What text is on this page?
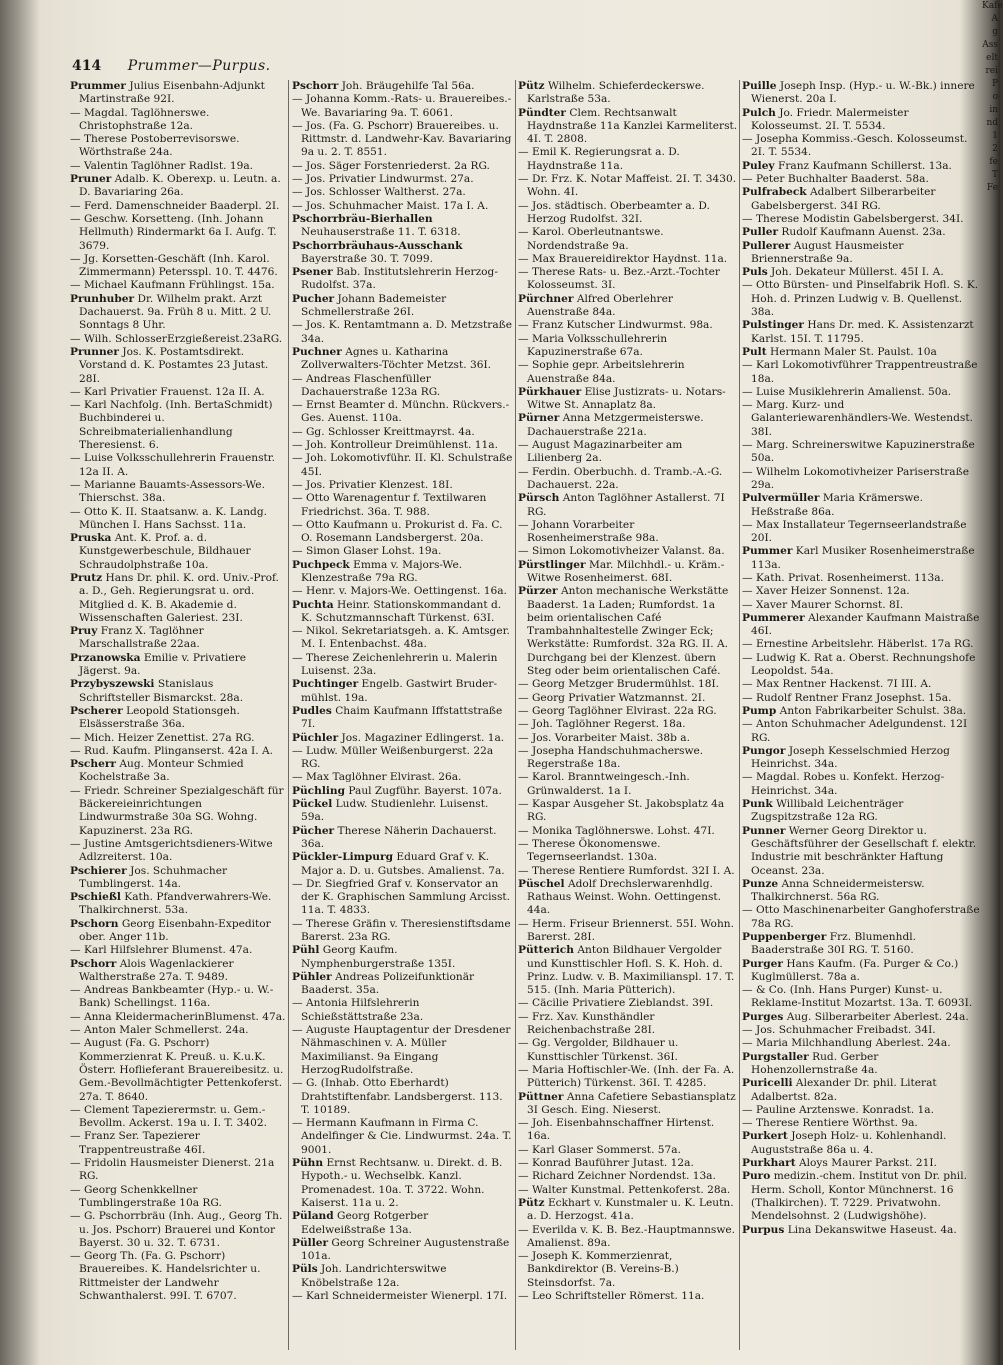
414 Prummer—Purpus.

Prummer Julius Eisenbahn-Adjunkt Martinstraße 92I.

— Magdal. Taglöhnerswe. Christophstraße 12a.

— Therese Postoberrevisorswe. Wörthstraße 24a.

— Valentin Taglöhner Radlst. 19a.

Pruner Adalb. K. Oberexp. u. Leutn. a. D. Bavariaring 26a.

— Ferd. Damenschneider Baaderpl. 2I.

— Geschw. Korsetteng. (Inh. Johann Hellmuth) Rindermarkt 6a I. Aufg. T. 3679.

— Jg. Korsetten-Geschäft (Inh. Karol. Zimmermann) Petersspl. 10. T. 4476.

— Michael Kaufmann Frühlingst. 15a.

Prunhuber Dr. Wilhelm prakt. Arzt Dachauerst. 9a. Früh 8 u. Mitt. 2 U. Sonntags 8 Uhr.

— Wilh. SchlosserErzgießereist.23aRG.

Prunner Jos. K. Postamtsdirekt. Vorstand d. K. Postamtes 23 Jutast. 28I.

— Karl Privatier Frauenst. 12a II. A.

— Karl Nachfolg. (Inh. BertaSchmidt) Buchbinderei u. Schreibmaterialienhandlung Theresienst. 6.

— Luise Volksschullehrerin Frauenstr. 12a II. A.

— Marianne Bauamts-Assessors-We. Thierschst. 38a.

— Otto K. II. Staatsanw. a. K. Landg. München I. Hans Sachsst. 11a.

Pruska Ant. K. Prof. a. d. Kunstgewerbeschule, Bildhauer Schraudolphstraße 10a.

Prutz Hans Dr. phil. K. ord. Univ.-Prof. a. D., Geh. Regierungsrat u. ord. Mitglied d. K. B. Akademie d. Wissenschaften Galeriest. 23I.

Pruy Franz X. Taglöhner Marschallstraße 22aa.

Przanowska Emilie v. Privatiere Jägerst. 9a.

Przybyszewski Stanislaus Schriftsteller Bismarckst. 28a.

Pscherer Leopold Stationsgeh. Elsässerstraße 36a.

— Mich. Heizer Zenettist. 27a RG.

— Rud. Kaufm. Plinganserst. 42a I. A.

Pscherr Aug. Monteur Schmied Kochelstraße 3a.

— Friedr. Schreiner Spezialgeschäft für Bäckereieinrichtungen Lindwurmstraße 30a SG. Wohng. Kapuzinerst. 23a RG.

— Justine Amtsgerichtsdieners-Witwe Adlzreiterst. 10a.

Pschierer Jos. Schuhmacher Tumblingerst. 14a.

Pschießl Kath. Pfandverwahrers-We. Thalkirchnerst. 53a.

Pschorn Georg Eisenbahn-Expeditor ober. Anger 11b.

— Karl Hilfslehrer Blumenst. 47a.

Pschorr Alois Wagenlackierer Waltherstraße 27a. T. 9489.

— Andreas Bankbeamter (Hyp.- u. W.-Bank) Schellingst. 116a.

— Anna KleidermacherinBlumenst. 47a.

— Anton Maler Schmellerst. 24a.

— August (Fa. G. Pschorr) Kommerzienrat K. Preuß. u. K.u.K. Österr. Hoflieferant Brauereibesitz. u. Gem.-Bevollmächtigter Pettenkoferst. 27a. T. 8640.

— Clement Tapezierermstr. u. Gem.-Bevollm. Ackerst. 19a u. I. T. 3402.

— Franz Ser. Tapezierer Trappentreustraße 46I.

— Fridolin Hausmeister Dienerst. 21a RG.

— Georg Schenkkellner Tumblingerstraße 10a RG.

— G. Pschorrbräu (Inh. Aug., Georg Th. u. Jos. Pschorr) Brauerei und Kontor Bayerst. 30 u. 32. T. 6731.

— Georg Th. (Fa. G. Pschorr) Brauereibes. K. Handelsrichter u. Rittmeister der Landwehr Schwanthalerst. 99I. T. 6707.

Pschorr Joh. Bräugehilfe Tal 56a.

— Johanna Komm.-Rats- u. Brauereibes.-We. Bavariaring 9a. T. 6061.

— Jos. (Fa. G. Pschorr) Brauereibes. u. Rittmstr. d. Landwehr-Kav. Bavariaring 9a u. 2. T. 8551.

— Jos. Säger Forstenriederst. 2a RG.

— Jos. Privatier Lindwurmst. 27a.

— Jos. Schlosser Waltherst. 27a.

— Jos. Schuhmacher Maist. 17a I. A.

Pschorrbräu-Bierhallen Neuhauserstraße 11. T. 6318.

Pschorrbräuhaus-Ausschank Bayerstraße 30. T. 7099.

Psener Bab. Institutslehrerin Herzog-Rudolfst. 37a.

Pucher Johann Bademeister Schmellerstraße 26I.

— Jos. K. Rentamtmann a. D. Metzstraße 34a.

Puchner Agnes u. Katharina Zollverwalters-Töchter Metzst. 36I.

— Andreas Flaschenfüller Dachauerstraße 123a RG.

— Ernst Beamter d. Münchn. Rückvers.-Ges. Auenst. 110a.

— Gg. Schlosser Kreittmayrst. 4a.

— Joh. Kontrolleur Dreimühlenst. 11a.

— Joh. Lokomotivführ. II. Kl. Schulstraße 45I.

— Jos. Privatier Klenzest. 18I.

— Otto Warenagentur f. Textilwaren Friedrichst. 36a. T. 988.

— Otto Kaufmann u. Prokurist d. Fa. C. O. Rosemann Landsbergerst. 20a.

— Simon Glaser Lohst. 19a.

Puchpeck Emma v. Majors-We. Klenzestraße 79a RG.

— Henr. v. Majors-We. Oettingenst. 16a.

Puchta Heinr. Stationskommandant d. K. Schutzmannschaft Türkenst. 63I.

— Nikol. Sekretariatsgeh. a. K. Amtsger. M. I. Entenbachst. 48a.

— Therese Zeichenlehrerin u. Malerin Luisenst. 23a.

Puchtinger Engelb. Gastwirt Bruder-mühlst. 19a.

Pudles Chaim Kaufmann Iffstattstraße 7I.

Püchler Jos. Magaziner Edlingerst. 1a.

— Ludw. Müller Weißenburgerst. 22a RG.

— Max Taglöhner Elvirast. 26a.

Püchling Paul Zugführ. Bayerst. 107a.

Pückel Ludw. Studienlehr. Luisenst. 59a.

Pücher Therese Näherin Dachauerst. 36a.

Pückler-Limpurg Eduard Graf v. K. Major a. D. u. Gutsbes. Amalienst. 7a.

— Dr. Siegfried Graf v. Konservator an der K. Graphischen Sammlung Arcisst. 11a. T. 4833.

— Therese Gräfin v. Theresienstiftsdame Barerst. 23a RG.

Pühl Georg Kaufm. Nymphenburgerstraße 135I.

Pühler Andreas Polizeifunktionär Baaderst. 35a.

— Antonia Hilfslehrerin Schießstättstraße 23a.

— Auguste Hauptagentur der Dresdener Nähmaschinen v. A. Müller Maximilianst. 9a Eingang HerzogRudolfstraße.

— G. (Inhab. Otto Eberhardt) Drahtstiftenfabr. Landsbergerst. 113. T. 10189.

— Hermann Kaufmann in Firma C. Andelfinger & Cie. Lindwurmst. 24a. T. 9001.

Pühn Ernst Rechtsanw. u. Direkt. d. B. Hypoth.- u. Wechselbk. Kanzl. Promenadest. 10a. T. 3722. Wohn. Kaiserst. 11a u. 2.

Püland Georg Rotgerber Edelweißstraße 13a.

Püller Georg Schreiner Augustenstraße 101a.

Püls Joh. Landrichterswitwe Knöbelstraße 12a.

— Karl Schneidermeister Wienerpl. 17I.

Pütz Wilhelm. Schieferdeckerswe. Karlstraße 53a.

Pündter Clem. Rechtsanwalt Haydnstraße 11a Kanzlei Karmeliterst. 4I. T. 2808.

— Emil K. Regierungsrat a. D. Haydnstraße 11a.

— Dr. Frz. K. Notar Maffeist. 2I. T. 3430. Wohn. 4I.

— Jos. städtisch. Oberbeamter a. D. Herzog Rudolfst. 32I.

— Karol. Oberleutnantswe. Nordendstraße 9a.

— Max Brauereidirektor Haydnst. 11a.

— Therese Rats- u. Bez.-Arzt.-Tochter Kolosseumst. 3I.

Pürchner Alfred Oberlehrer Auenstraße 84a.

— Franz Kutscher Lindwurmst. 98a.

— Maria Volksschullehrerin Kapuzinerstraße 67a.

— Sophie gepr. Arbeitslehrerin Auenstraße 84a.

Pürkhauer Elise Justizrats- u. Notars-Witwe St. Annaplatz 8a.

Pürner Anna Metzgermeisterswe. Dachauerstraße 221a.

— August Magazinarbeiter am Lilienberg 2a.

— Ferdin. Oberbuchh. d. Tramb.-A.-G. Dachauerst. 22a.

Pürsch Anton Taglöhner Astallerst. 7I RG.

— Johann Vorarbeiter Rosenheimerstraße 98a.

— Simon Lokomotivheizer Valanst. 8a.

Pürstlinger Mar. Milchhdl.- u. Kräm.-Witwe Rosenheimerst. 68I.

Pürzer Anton mechanische Werkstätte Baaderst. 1a Laden; Rumfordst. 1a beim orientalischen Café Trambahnhaltestelle Zwinger Eck; Werkstätte: Rumfordst. 32a RG. II. A. Durchgang bei der Klenzest. übern Steg oder beim orientalischen Café.

— Georg Metzger Brudermühlst. 18I.

— Georg Privatier Watzmannst. 2I.

— Georg Taglöhner Elvirast. 22a RG.

— Joh. Taglöhner Regerst. 18a.

— Jos. Vorarbeiter Maist. 38b a.

— Josepha Handschuhmacherswe. Regerstraße 18a.

— Karol. Branntweingesch.-Inh. Grünwalderst. 1a I.

— Kaspar Ausgeher St. Jakobsplatz 4a RG.

— Monika Taglöhnerswe. Lohst. 47I.

— Therese Ökonomenswe. Tegernseerlandst. 130a.

— Therese Rentiere Rumfordst. 32I I. A.

Püschel Adolf Drechslerwarenhdlg. Rathaus Weinst. Wohn. Oettingenst. 44a.

— Herm. Friseur Briennerst. 55I. Wohn. Barerst. 28I.

Pütterich Anton Bildhauer Vergolder und Kunsttischler Hofl. S. K. Hoh. d. Prinz. Ludw. v. B. Maximilianspl. 17. T. 515. (Inh. Maria Pütterich).

— Cäcilie Privatiere Zieblandst. 39I.

— Frz. Xav. Kunsthändler Reichenbachstraße 28I.

— Gg. Vergolder, Bildhauer u. Kunsttischler Türkenst. 36I.

— Maria Hoftischler-We. (Inh. der Fa. A. Pütterich) Türkenst. 36I. T. 4285.

Püttner Anna Cafetiere Sebastiansplatz 3I Gesch. Eing. Nieserst.

— Joh. Eisenbahnschaffner Hirtenst. 16a.

— Karl Glaser Sommerst. 57a.

— Konrad Bauführer Jutast. 12a.

— Richard Zeichner Nordendst. 13a.

— Walter Kunstmal. Pettenkoferst. 28a.

Pütz Eckhart v. Kunstmaler u. K. Leutn. a. D. Herzogst. 41a.

— Everilda v. K. B. Bez.-Hauptmannswe. Amalienst. 89a.

— Joseph K. Kommerzienrat, Bankdirektor (B. Vereins-B.) Steinsdorfst. 7a.

— Leo Schriftsteller Römerst. 11a.

Puille Joseph Insp. (Hyp.- u. W.-Bk.) innere Wienerst. 20a I.

Pulch Jo. Friedr. Malermeister Kolosseumst. 2I. T. 5534.

— Josepha Kommiss.-Gesch. Kolosseumst. 2I. T. 5534.

Puley Franz Kaufmann Schillerst. 13a.

— Peter Buchhalter Baaderst. 58a.

Pulfrabeck Adalbert Silberarbeiter Gabelsbergerst. 34I RG.

— Therese Modistin Gabelsbergerst. 34I.

Puller Rudolf Kaufmann Auenst. 23a.

Pullerer August Hausmeister Briennerstraße 9a.

Puls Joh. Dekateur Müllerst. 45I I. A.

— Otto Bürsten- und Pinselfabrik Hofl. S. K. Hoh. d. Prinzen Ludwig v. B. Quellenst. 38a.

Pulstinger Hans Dr. med. K. Assistenzarzt Karlst. 15I. T. 11795.

Pult Hermann Maler St. Paulst. 10a

— Karl Lokomotivführer Trappentreustraße 18a.

— Luise Musiklehrerin Amalienst. 50a.

— Marg. Kurz- und Galanteriewarenhändlers-We. Westendst. 38I.

— Marg. Schreinerswitwe Kapuzinerstraße 50a.

— Wilhelm Lokomotivheizer Pariserstraße 29a.

Pulvermüller Maria Krämerswe. Heßstraße 86a.

— Max Installateur Tegernseerlandstraße 20I.

Pummer Karl Musiker Rosenheimerstraße 113a.

— Kath. Privat. Rosenheimerst. 113a.

— Xaver Heizer Sonnenst. 12a.

— Xaver Maurer Schornst. 8I.

Pummerer Alexander Kaufmann Maistraße 46I.

— Ernestine Arbeitslehr. Häberlst. 17a RG.

— Ludwig K. Rat a. Oberst. Rechnungshofe Leopoldst. 54a.

— Max Rentner Hackenst. 7I III. A.

— Rudolf Rentner Franz Josephst. 15a.

Pump Anton Fabrikarbeiter Schulst. 38a.

— Anton Schuhmacher Adelgundenst. 12I RG.

Pungor Joseph Kesselschmied Herzog Heinrichst. 34a.

— Magdal. Robes u. Konfekt. Herzog-Heinrichst. 34a.

Punk Willibald Leichenträger Zugspitzstraße 12a RG.

Punner Werner Georg Direktor u. Geschäftsführer der Gesellschaft f. elektr. Industrie mit beschränkter Haftung Oceanst. 23a.

Punze Anna Schneidermeistersw. Thalkirchnerst. 56a RG.

— Otto Maschinenarbeiter Ganghoferstraße 78a RG.

Puppenberger Frz. Blumenhdl. Baaderstraße 30I RG. T. 5160.

Purger Hans Kaufm. (Fa. Purger & Co.) Kuglmüllerst. 78a a.

— & Co. (Inh. Hans Purger) Kunst- u. Reklame-Institut Mozartst. 13a. T. 6093I.

Purges Aug. Silberarbeiter Aberlest. 24a.

— Jos. Schuhmacher Freibadst. 34I.

— Maria Milchhandlung Aberlest. 24a.

Purgstaller Rud. Gerber Hohenzollernstraße 4a.

Puricelli Alexander Dr. phil. Literat Adalbertst. 82a.

— Pauline Arztenswe. Konradst. 1a.

— Therese Rentiere Wörthst. 9a.

Purkert Joseph Holz- u. Kohlenhandl. Auguststraße 86a u. 4.

Purkhart Aloys Maurer Parkst. 21I.

Puro medizin.-chem. Institut von Dr. phil. Herm. Scholl, Kontor Münchnerst. 16 (Thalkirchen). T. 7229. Privatwohn. Mendelsohnst. 2 (Ludwigshöhe).

Purpus Lina Dekanswitwe Haseust. 4a.

Kafe
A
g
Ass
elt
rei
P
o
in
nd
1
2
fe
T
Fe
